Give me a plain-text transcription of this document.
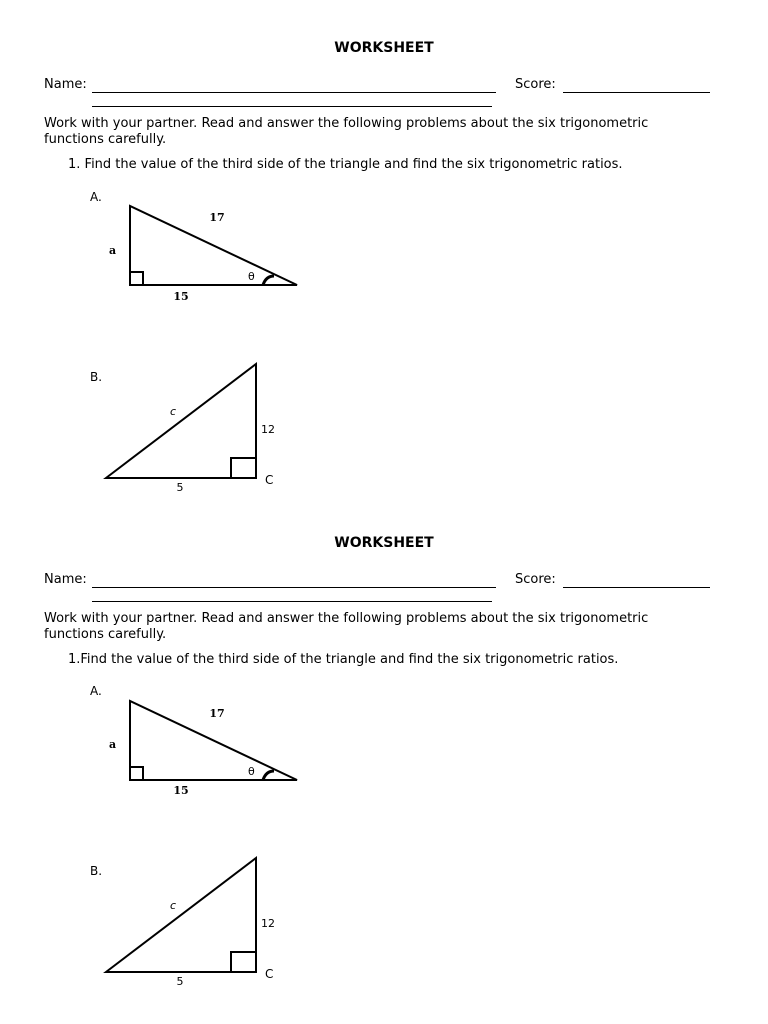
WORKSHEET
Name:	Score:
Work with your partner. Read and answer the following problems about the six trigonometric functions carefully.
1. Find the value of the third side of the triangle and find the six trigonometric ratios.
A.
17
a
15
θ
B.
c
12
5
C
WORKSHEET
Name:	Score:
Work with your partner. Read and answer the following problems about the six trigonometric functions carefully.
1.Find the value of the third side of the triangle and find the six trigonometric ratios.
A.
17
a
15
θ
B.
c
12
5
C
